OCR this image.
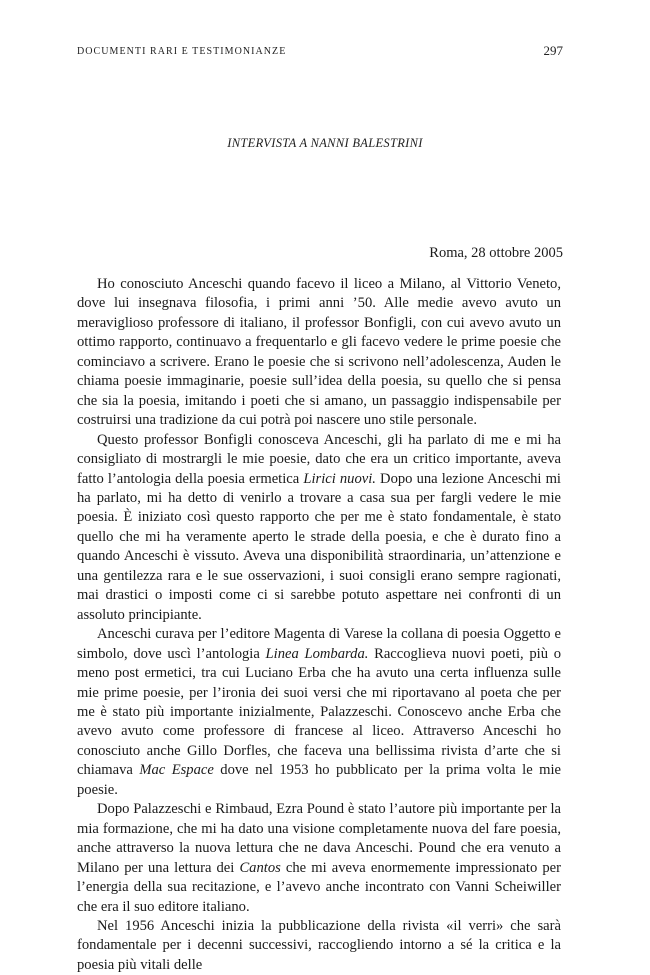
DOCUMENTI RARI E TESTIMONIANZE	297
INTERVISTA A NANNI BALESTRINI
Roma, 28 ottobre 2005

Ho conosciuto Anceschi quando facevo il liceo a Milano, al Vittorio Veneto, dove lui insegnava filosofia, i primi anni ’50. Alle medie avevo avuto un meraviglioso professore di italiano, il professor Bonfigli, con cui avevo avuto un ottimo rapporto, continuavo a frequentarlo e gli facevo vedere le prime poesie che cominciavo a scrivere. Erano le poesie che si scrivono nell’adolescenza, Auden le chiama poesie immaginarie, poesie sull’idea della poesia, su quello che si pensa che sia la poesia, imitando i poeti che si amano, un passaggio indispensabile per costruirsi una tradizione da cui potrà poi nascere uno stile personale.

Questo professor Bonfigli conosceva Anceschi, gli ha parlato di me e mi ha consigliato di mostrargli le mie poesie, dato che era un critico importante, aveva fatto l’antologia della poesia ermetica Lirici nuovi. Dopo una lezione Anceschi mi ha parlato, mi ha detto di venirlo a trovare a casa sua per fargli vedere le mie poesia. È iniziato così questo rapporto che per me è stato fondamentale, è stato quello che mi ha veramente aperto le strade della poesia, e che è durato fino a quando Anceschi è vissuto. Aveva una disponibilità straordinaria, un’attenzione e una gentilezza rara e le sue osservazioni, i suoi consigli erano sempre ragionati, mai drastici o imposti come ci si sarebbe potuto aspettare nei confronti di un assoluto principiante.

Anceschi curava per l’editore Magenta di Varese la collana di poesia Oggetto e simbolo, dove uscì l’antologia Linea Lombarda. Raccoglieva nuovi poeti, più o meno post ermetici, tra cui Luciano Erba che ha avuto una certa influenza sulle mie prime poesie, per l’ironia dei suoi versi che mi riportavano al poeta che per me è stato più importante inizialmente, Palazzeschi. Conoscevo anche Erba che avevo avuto come professore di francese al liceo. Attraverso Anceschi ho conosciuto anche Gillo Dorfles, che faceva una bellissima rivista d’arte che si chiamava Mac Espace dove nel 1953 ho pubblicato per la prima volta le mie poesie.

Dopo Palazzeschi e Rimbaud, Ezra Pound è stato l’autore più importante per la mia formazione, che mi ha dato una visione completamente nuova del fare poesia, anche attraverso la nuova lettura che ne dava Anceschi. Pound che era venuto a Milano per una lettura dei Cantos che mi aveva enormemente impressionato per l’energia della sua recitazione, e l’avevo anche incontrato con Vanni Scheiwiller che era il suo editore italiano.

Nel 1956 Anceschi inizia la pubblicazione della rivista «il verri» che sarà fondamentale per i decenni successivi, raccogliendo intorno a sé la critica e la poesia più vitali delle
